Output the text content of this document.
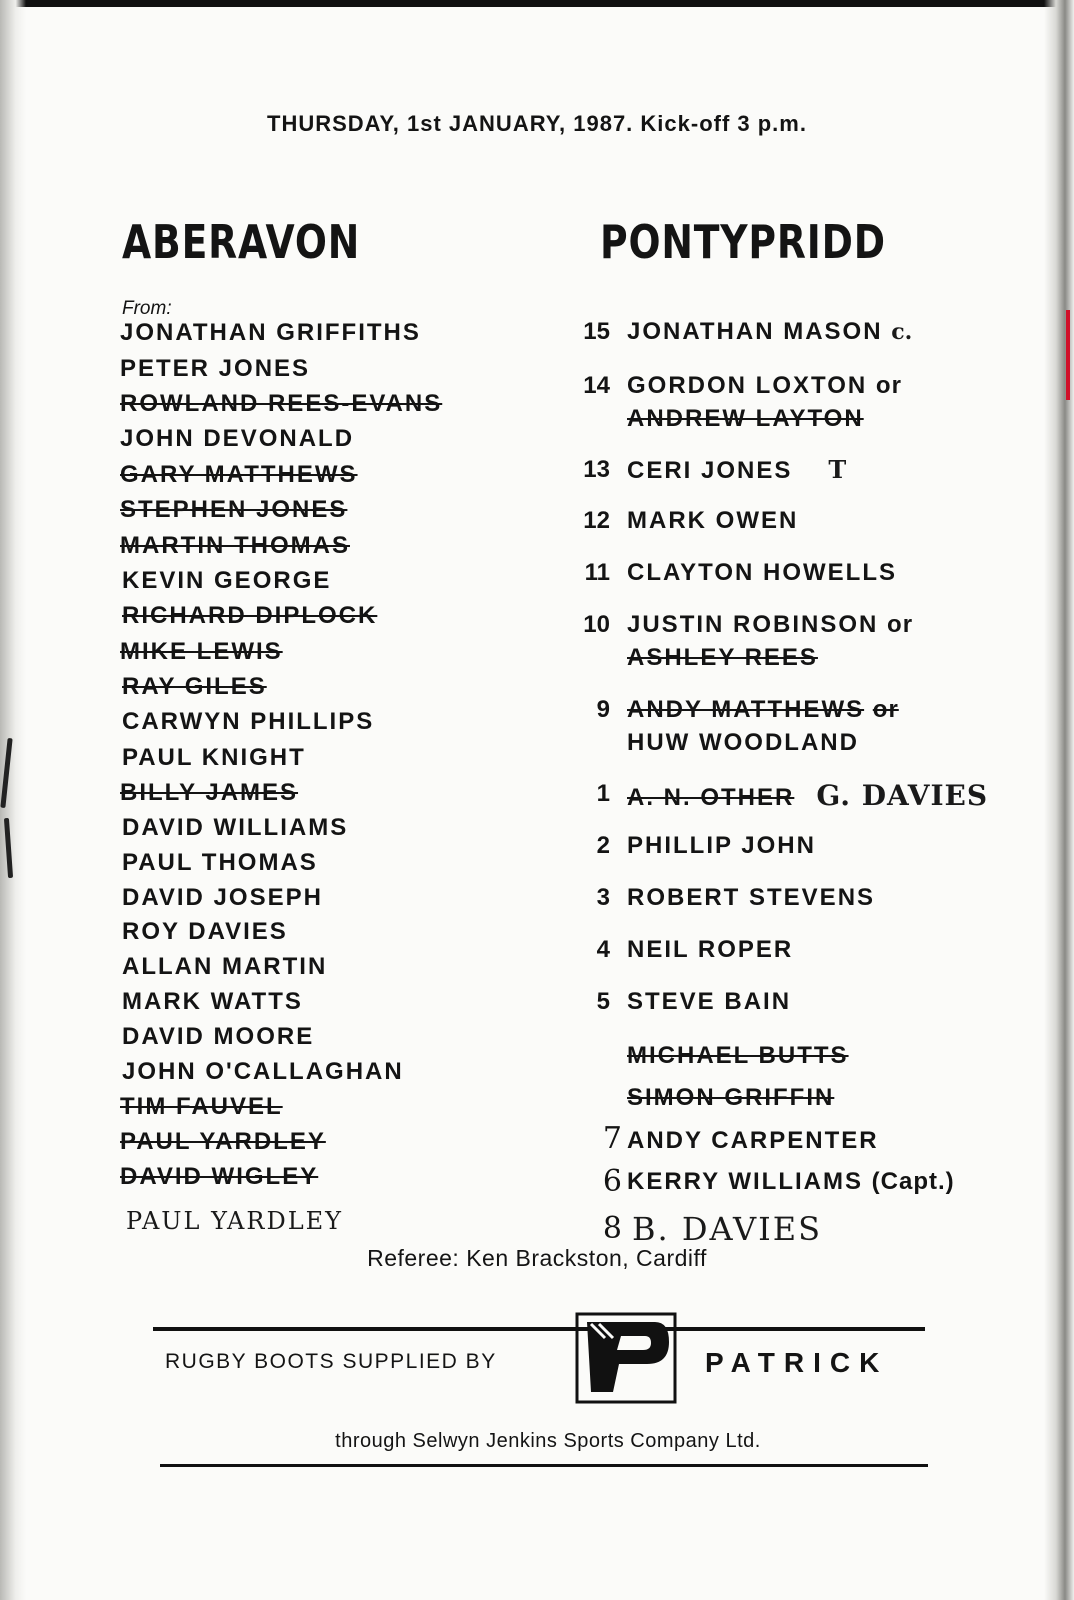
THURSDAY, 1st JANUARY, 1987. Kick-off 3 p.m.
ABERAVON	PONTYPRIDD
From:
JONATHAN GRIFFITHS
PETER JONES
ROWLAND REES-EVANS
JOHN DEVONALD
GARY MATTHEWS
STEPHEN JONES
MARTIN THOMAS
KEVIN GEORGE
RICHARD DIPLOCK
MIKE LEWIS
RAY GILES
CARWYN PHILLIPS
PAUL KNIGHT
BILLY JAMES
DAVID WILLIAMS
PAUL THOMAS
DAVID JOSEPH
ROY DAVIES
ALLAN MARTIN
MARK WATTS
DAVID MOORE
JOHN O'CALLAGHAN
TIM FAUVEL
PAUL YARDLEY
DAVID WIGLEY
PAUL YARDLEY
15 JONATHAN MASON c.
14 GORDON LOXTON or
ANDREW LAYTON
13 CERI JONES T
12 MARK OWEN
11 CLAYTON HOWELLS
10 JUSTIN ROBINSON or
ASHLEY REES
9 ANDY MATTHEWS or
HUW WOODLAND
1 A. N. OTHER G. DAVIES
2 PHILLIP JOHN
3 ROBERT STEVENS
4 NEIL ROPER
5 STEVE BAIN
MICHAEL BUTTS
SIMON GRIFFIN
7 ANDY CARPENTER
6 KERRY WILLIAMS (Capt.)
8 B. DAVIES
Referee: Ken Brackston, Cardiff
RUGBY BOOTS SUPPLIED BY	PATRICK
through Selwyn Jenkins Sports Company Ltd.
